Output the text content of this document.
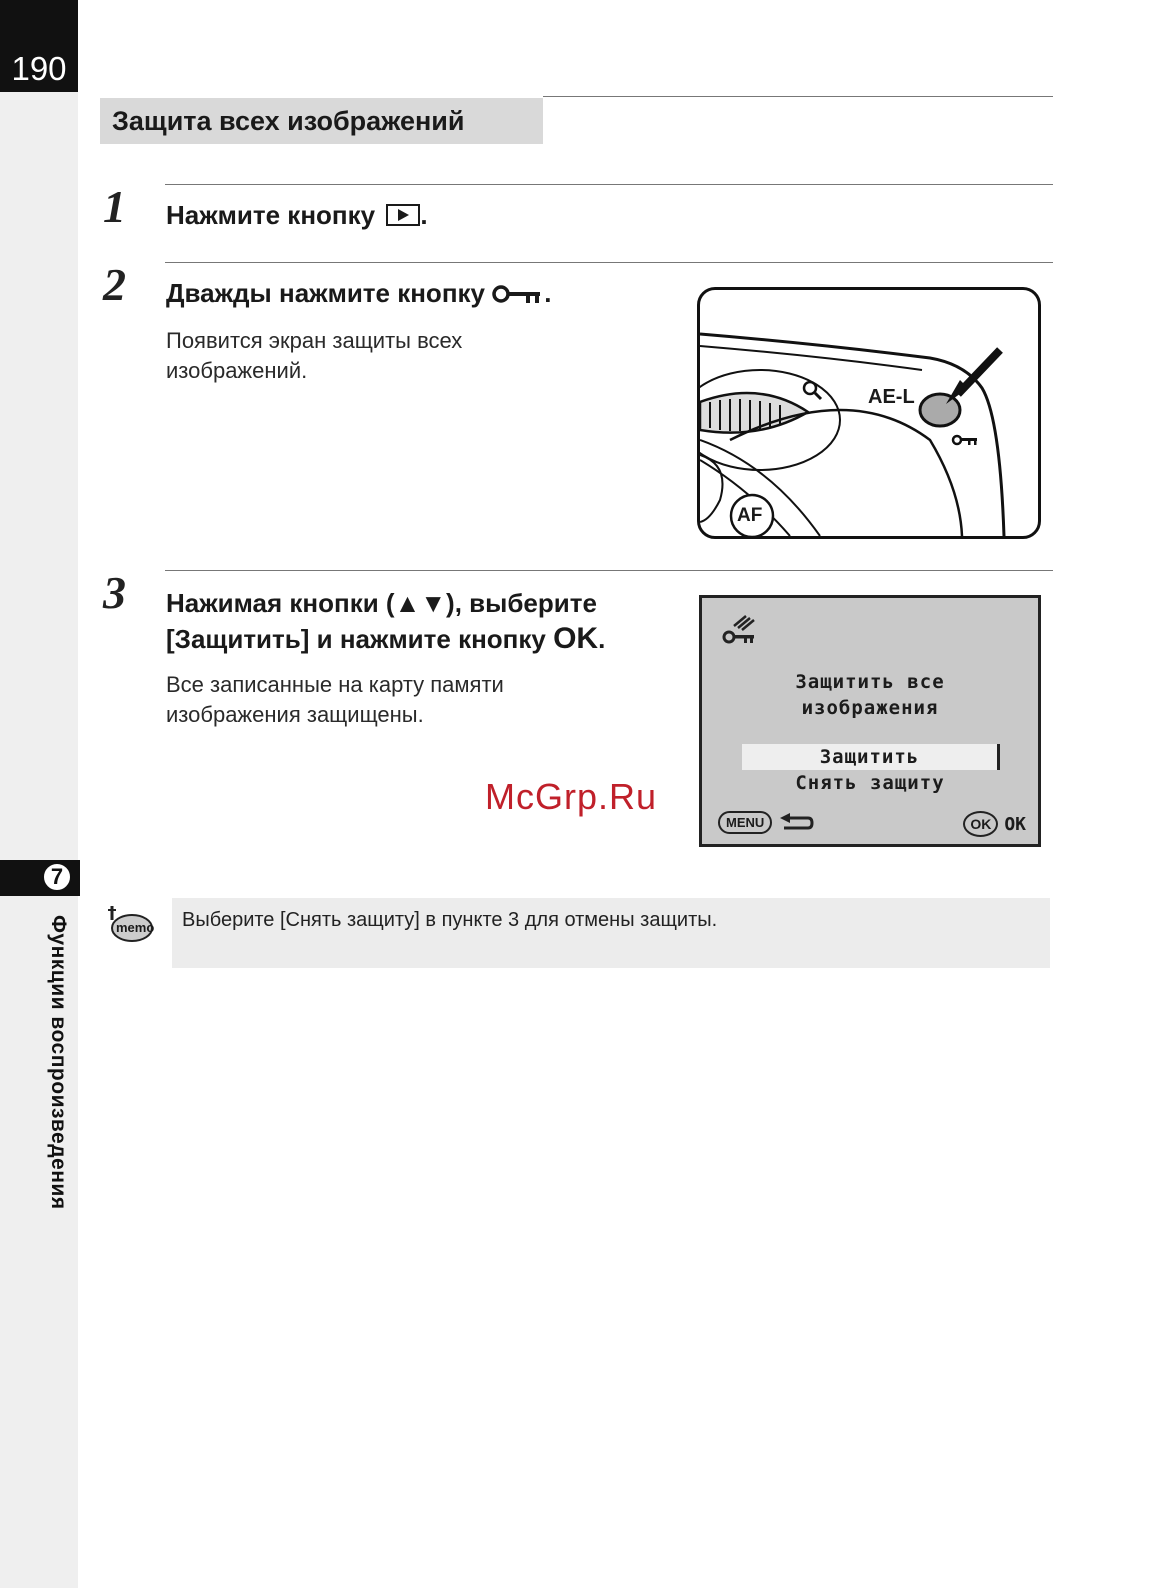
190
7
Функции воспроизведения
Защита всех изображений
1 Нажмите кнопку .
2 Дважды нажмите кнопку .
Появится экран защиты всех
изображений.
AE-L
AF
3 Нажимая кнопки (▲▼), выберите
[Защитить] и нажмите кнопку OK.
Все записанные на карту памяти
изображения защищены.
Защитить все
изображения
Защитить
Снять защиту
MENU	OK OK
McGrp.Ru
memo Выберите [Снять защиту] в пункте 3 для отмены защиты.
